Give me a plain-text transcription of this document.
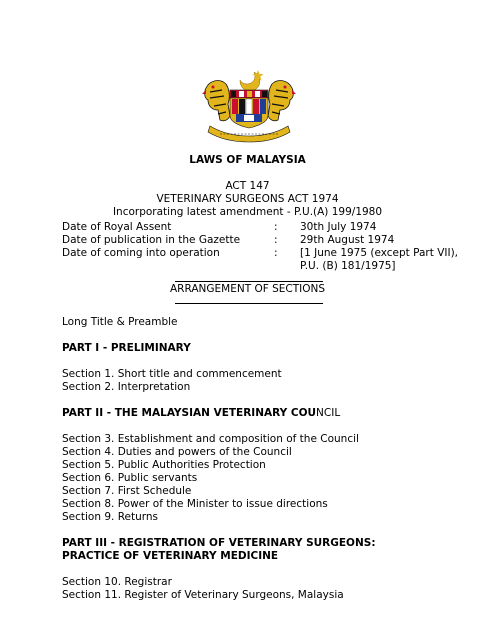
LAWS OF MALAYSIA
ACT 147
VETERINARY SURGEONS ACT 1974
Incorporating latest amendment - P.U.(A) 199/1980
Date of Royal Assent	:	30th July 1974
Date of publication in the Gazette	:	29th August 1974
Date of coming into operation	:	[1 June 1975 (except Part VII),
P.U. (B) 181/1975]
ARRANGEMENT OF SECTIONS

Long Title & Preamble

PART I - PRELIMINARY

Section 1. Short title and commencement

Section 2. Interpretation

PART II - THE MALAYSIAN VETERINARY COUNCIL

Section 3. Establishment and composition of the Council

Section 4. Duties and powers of the Council

Section 5. Public Authorities Protection

Section 6. Public servants

Section 7. First Schedule

Section 8. Power of the Minister to issue directions

Section 9. Returns

PART III - REGISTRATION OF VETERINARY SURGEONS:

PRACTICE OF VETERINARY MEDICINE

Section 10. Registrar

Section 11. Register of Veterinary Surgeons, Malaysia
